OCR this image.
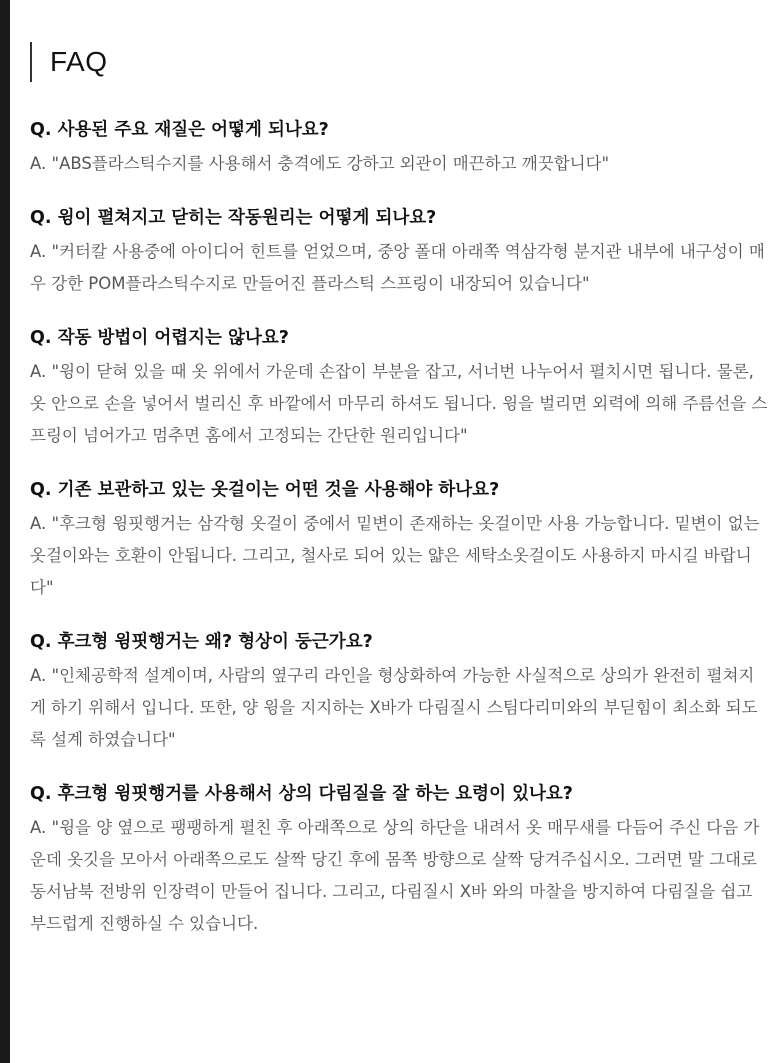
FAQ

Q. 사용된 주요 재질은 어떻게 되나요?

A. "ABS플라스틱수지를 사용해서 충격에도 강하고 외관이 매끈하고 깨끗합니다"

Q. 윙이 펼쳐지고 닫히는 작동원리는 어떻게 되나요?

A. "커터칼 사용중에 아이디어 힌트를 얻었으며, 중앙 폴대 아래쪽 역삼각형 분지관 내부에 내구성이 매우 강한 POM플라스틱수지로 만들어진 플라스틱 스프링이 내장되어 있습니다"

Q. 작동 방법이 어렵지는 않나요?

A. "윙이 닫혀 있을 때 옷 위에서 가운데 손잡이 부분을 잡고, 서너번 나누어서 펼치시면 됩니다. 물론, 옷 안으로 손을 넣어서 벌리신 후 바깥에서 마무리 하셔도 됩니다. 윙을 벌리면 외력에 의해 주름선을 스프링이 넘어가고 멈추면 홈에서 고정되는 간단한 원리입니다"

Q. 기존 보관하고 있는 옷걸이는 어떤 것을 사용해야 하나요?

A. "후크형 윙핏행거는 삼각형 옷걸이 중에서 밑변이 존재하는 옷걸이만 사용 가능합니다. 밑변이 없는 옷걸이와는 호환이 안됩니다. 그리고, 철사로 되어 있는 얇은 세탁소옷걸이도 사용하지 마시길 바랍니다"

Q. 후크형 윙핏행거는 왜? 형상이 둥근가요?

A. "인체공학적 설계이며, 사람의 옆구리 라인을 형상화하여 가능한 사실적으로 상의가 완전히 펼쳐지게 하기 위해서 입니다. 또한, 양 윙을 지지하는 X바가 다림질시 스팀다리미와의 부딛힘이 최소화 되도록 설계 하였습니다"

Q. 후크형 윙핏행거를 사용해서 상의 다림질을 잘 하는 요령이 있나요?

A. "윙을 양 옆으로 팽팽하게 펼친 후 아래쪽으로 상의 하단을 내려서 옷 매무새를 다듬어 주신 다음 가운데 옷깃을 모아서 아래쪽으로도 살짝 당긴 후에 몸쪽 방향으로 살짝 당겨주십시오. 그러면 말 그대로 동서남북 전방위 인장력이 만들어 집니다. 그리고, 다림질시 X바 와의 마찰을 방지하여 다림질을 쉽고 부드럽게 진행하실 수 있습니다.
